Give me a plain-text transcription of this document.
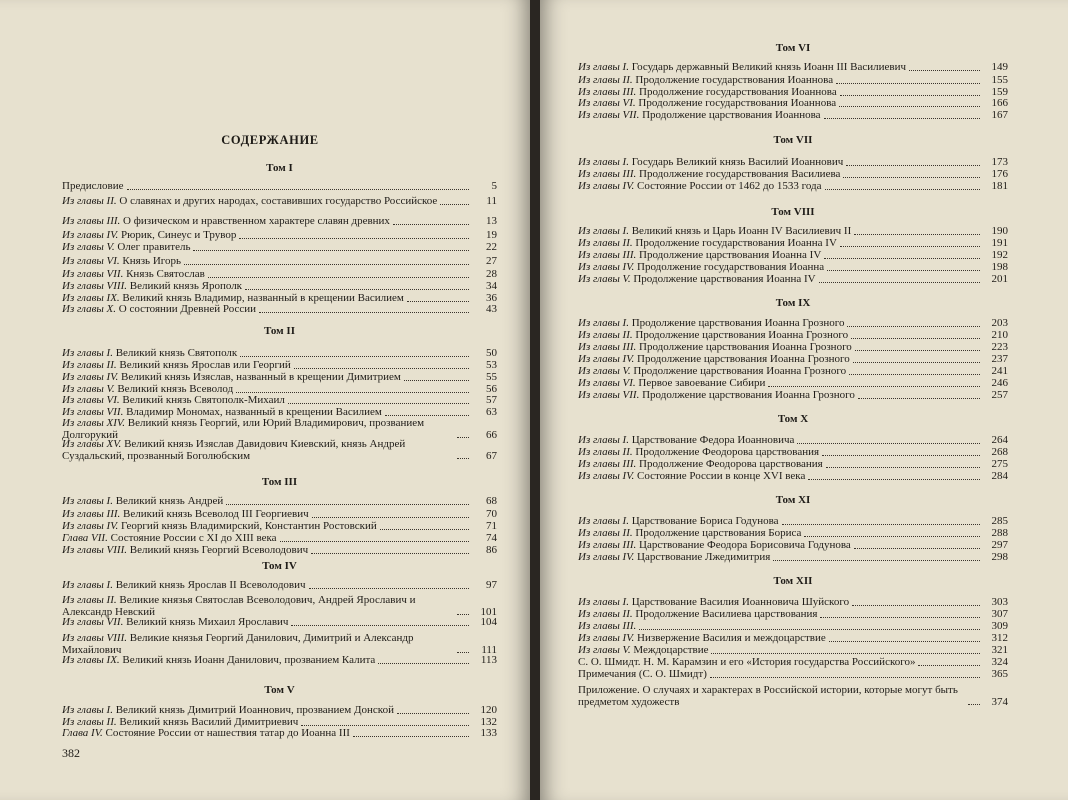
СОДЕРЖАНИЕ
Том I
Предисловие	5
Из главы II. О славянах и других народах, составивших государство Российское	11
Из главы III. О физическом и нравственном характере славян древних	13
Из главы IV. Рюрик, Синеус и Трувор	19
Из главы V. Олег правитель	22
Из главы VI. Князь Игорь	27
Из главы VII. Князь Святослав	28
Из главы VIII. Великий князь Ярополк	34
Из главы IX. Великий князь Владимир, названный в крещении Василием	36
Из главы X. О состоянии Древней России	43
Том II
Из главы I. Великий князь Святополк	50
Из главы II. Великий князь Ярослав или Георгий	53
Из главы IV. Великий князь Изяслав, названный в крещении Димитрием	55
Из главы V. Великий князь Всеволод	56
Из главы VI. Великий князь Святополк-Михаил	57
Из главы VII. Владимир Мономах, названный в крещении Василием	63
Из главы XIV. Великий князь Георгий, или Юрий Владимирович, прозванием Долгорукий	66
Из главы XV. Великий князь Изяслав Давидович Киевский, князь Андрей Суздальский, прозванный Боголюбским	67
Том III
Из главы I. Великий князь Андрей	68
Из главы III. Великий князь Всеволод III Георгиевич	70
Из главы IV. Георгий князь Владимирский, Константин Ростовский	71
Глава VII. Состояние России с XI до XIII века	74
Из главы VIII. Великий князь Георгий Всеволодович	86
Том IV
Из главы I. Великий князь Ярослав II Всеволодович	97
Из главы II. Великие князья Святослав Всеволодович, Андрей Ярославич и Александр Невский	101
Из главы VII. Великий князь Михаил Ярославич	104
Из главы VIII. Великие князья Георгий Данилович, Димитрий и Александр Михайлович	111
Из главы IX. Великий князь Иоанн Данилович, прозванием Калита	113
Том V
Из главы I. Великий князь Димитрий Иоаннович, прозванием Донской	120
Из главы II. Великий князь Василий Димитриевич	132
Глава IV. Состояние России от нашествия татар до Иоанна III	133

382

Том VI
Из главы I. Государь державный Великий князь Иоанн III Василиевич	149
Из главы II. Продолжение государствования Иоаннова	155
Из главы III. Продолжение государствования Иоаннова	159
Из главы VI. Продолжение государствования Иоаннова	166
Из главы VII. Продолжение царствования Иоаннова	167
Том VII
Из главы I. Государь Великий князь Василий Иоаннович	173
Из главы III. Продолжение государствования Василиева	176
Из главы IV. Состояние России от 1462 до 1533 года	181
Том VIII
Из главы I. Великий князь и Царь Иоанн IV Василиевич II	190
Из главы II. Продолжение государствования Иоанна IV	191
Из главы III. Продолжение царствования Иоанна IV	192
Из главы IV. Продолжение государствования Иоанна	198
Из главы V. Продолжение царствования Иоанна IV	201
Том IX
Из главы I. Продолжение царствования Иоанна Грозного	203
Из главы II. Продолжение царствования Иоанна Грозного	210
Из главы III. Продолжение царствования Иоанна Грозного	223
Из главы IV. Продолжение царствования Иоанна Грозного	237
Из главы V. Продолжение царствования Иоанна Грозного	241
Из главы VI. Первое завоевание Сибири	246
Из главы VII. Продолжение царствования Иоанна Грозного	257
Том X
Из главы I. Царствование Федора Иоанновича	264
Из главы II. Продолжение Феодорова царствования	268
Из главы III. Продолжение Феодорова царствования	275
Из главы IV. Состояние России в конце XVI века	284
Том XI
Из главы I. Царствование Бориса Годунова	285
Из главы II. Продолжение царствования Бориса	288
Из главы III. Царствование Феодора Борисовича Годунова	297
Из главы IV. Царствование Лжедимитрия	298
Том XII
Из главы I. Царствование Василия Иоанновича Шуйского	303
Из главы II. Продолжение Василиева царствования	307
Из главы III.	309
Из главы IV. Низвержение Василия и междоцарствие	312
Из главы V. Междоцарствие	321
С. О. Шмидт. Н. М. Карамзин и его «История государства Российского»	324
Примечания (С. О. Шмидт)	365
Приложение. О случаях и характерах в Российской истории, которые могут быть предметом художеств	374
